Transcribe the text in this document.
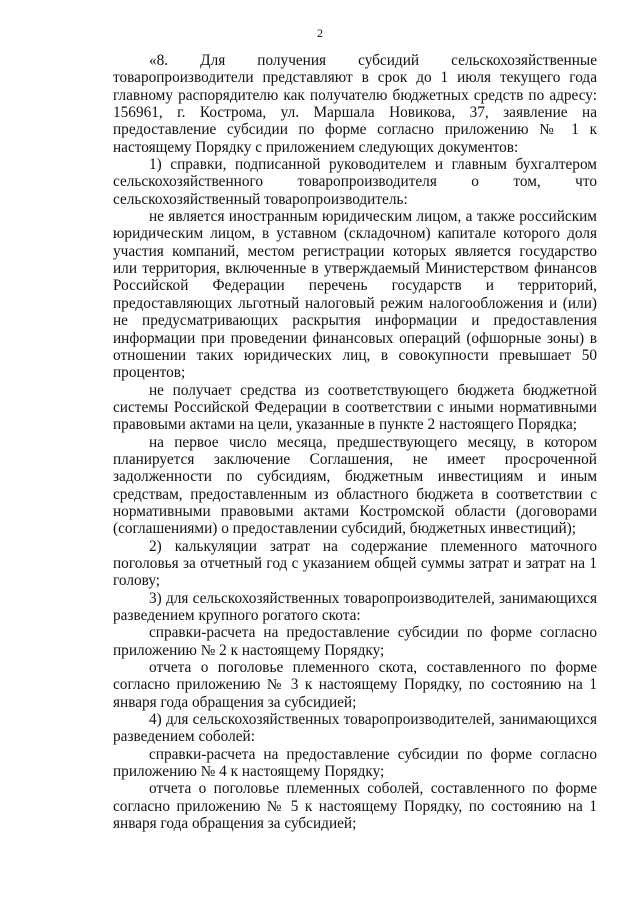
2

«8. Для получения субсидий сельскохозяйственные товаропроизводители представляют в срок до 1 июля текущего года главному распорядителю как получателю бюджетных средств по адресу: 156961, г. Кострома, ул. Маршала Новикова, 37, заявление на предоставление субсидии по форме согласно приложению № 1 к настоящему Порядку с приложением следующих документов:

1) справки, подписанной руководителем и главным бухгалтером сельскохозяйственного товаропроизводителя о том, что сельскохозяйственный товаропроизводитель:

не является иностранным юридическим лицом, а также российским юридическим лицом, в уставном (складочном) капитале которого доля участия компаний, местом регистрации которых является государство или территория, включенные в утверждаемый Министерством финансов Российской Федерации перечень государств и территорий, предоставляющих льготный налоговый режим налогообложения и (или) не предусматривающих раскрытия информации и предоставления информации при проведении финансовых операций (офшорные зоны) в отношении таких юридических лиц, в совокупности превышает 50 процентов;

не получает средства из соответствующего бюджета бюджетной системы Российской Федерации в соответствии с иными нормативными правовыми актами на цели, указанные в пункте 2 настоящего Порядка;

на первое число месяца, предшествующего месяцу, в котором планируется заключение Соглашения, не имеет просроченной задолженности по субсидиям, бюджетным инвестициям и иным средствам, предоставленным из областного бюджета в соответствии с нормативными правовыми актами Костромской области (договорами (соглашениями) о предоставлении субсидий, бюджетных инвестиций);

2) калькуляции затрат на содержание племенного маточного поголовья за отчетный год с указанием общей суммы затрат и затрат на 1 голову;

3) для сельскохозяйственных товаропроизводителей, занимающихся разведением крупного рогатого скота:

справки-расчета на предоставление субсидии по форме согласно приложению № 2 к настоящему Порядку;

отчета о поголовье племенного скота, составленного по форме согласно приложению № 3 к настоящему Порядку, по состоянию на 1 января года обращения за субсидией;

4) для сельскохозяйственных товаропроизводителей, занимающихся разведением соболей:

справки-расчета на предоставление субсидии по форме согласно приложению № 4 к настоящему Порядку;

отчета о поголовье племенных соболей, составленного по форме согласно приложению № 5 к настоящему Порядку, по состоянию на 1 января года обращения за субсидией;
